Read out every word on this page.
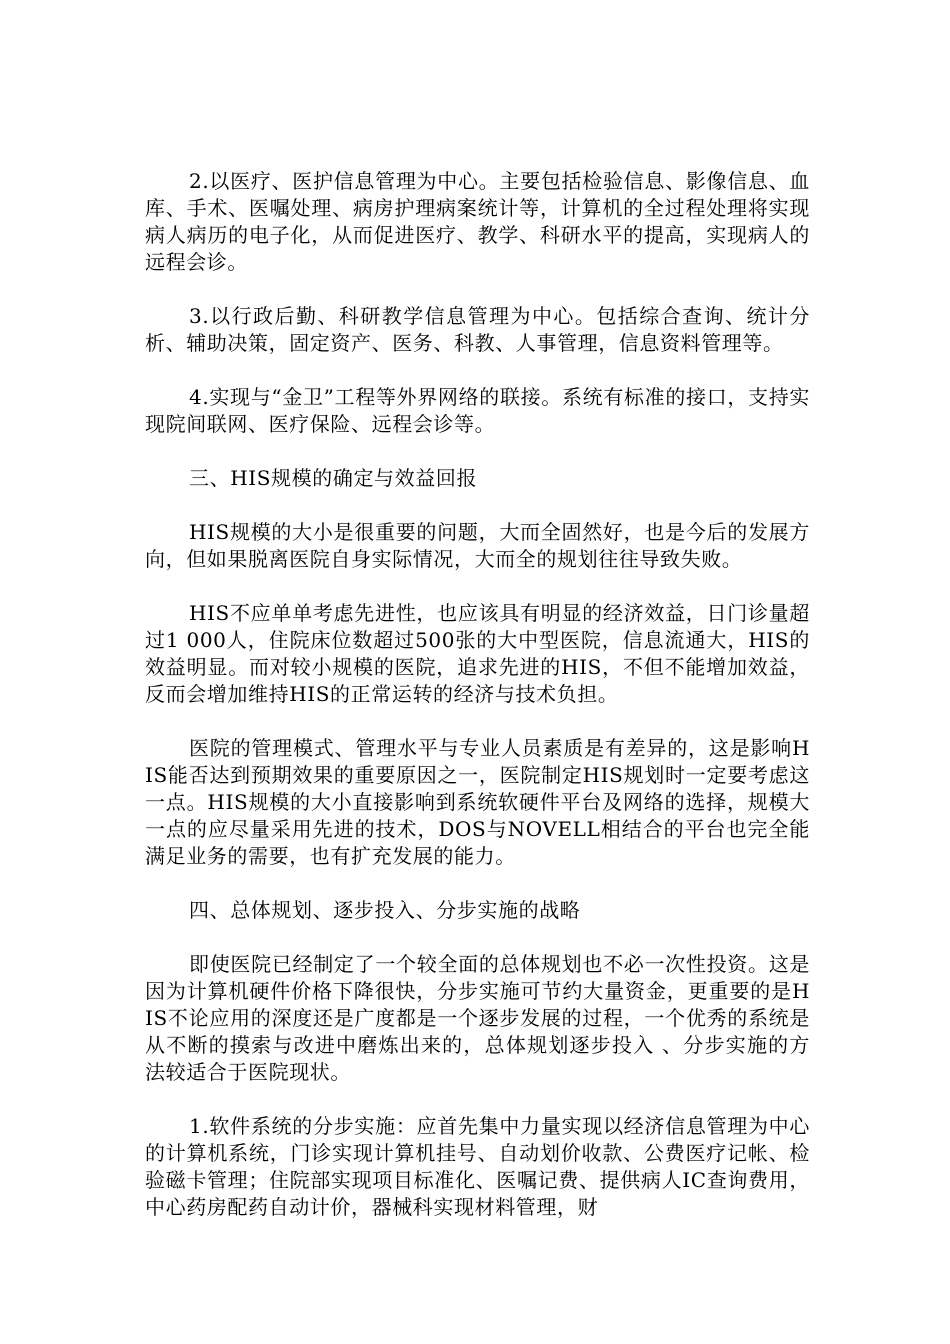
2.以医疗、医护信息管理为中心。主要包括检验信息、影像信息、血库、手术、医嘱处理、病房护理病案统计等，计算机的全过程处理将实现病人病历的电子化，从而促进医疗、教学、科研水平的提高，实现病人的远程会诊。

3.以行政后勤、科研教学信息管理为中心。包括综合查询、统计分析、辅助决策，固定资产、医务、科教、人事管理，信息资料管理等。

4.实现与“金卫”工程等外界网络的联接。系统有标准的接口，支持实现院间联网、医疗保险、远程会诊等。

三、HIS规模的确定与效益回报

HIS规模的大小是很重要的问题，大而全固然好，也是今后的发展方向，但如果脱离医院自身实际情况，大而全的规划往往导致失败。

HIS不应单单考虑先进性，也应该具有明显的经济效益，日门诊量超过1 000人，住院床位数超过500张的大中型医院，信息流通大，HIS的效益明显。而对较小规模的医院，追求先进的HIS，不但不能增加效益，反而会增加维持HIS的正常运转的经济与技术负担。

医院的管理模式、管理水平与专业人员素质是有差异的，这是影响HIS能否达到预期效果的重要原因之一，医院制定HIS规划时一定要考虑这一点。HIS规模的大小直接影响到系统软硬件平台及网络的选择，规模大一点的应尽量采用先进的技术，DOS与NOVELL相结合的平台也完全能满足业务的需要，也有扩充发展的能力。

四、总体规划、逐步投入、分步实施的战略

即使医院已经制定了一个较全面的总体规划也不必一次性投资。这是因为计算机硬件价格下降很快，分步实施可节约大量资金，更重要的是HIS不论应用的深度还是广度都是一个逐步发展的过程，一个优秀的系统是从不断的摸索与改进中磨炼出来的，总体规划逐步投入 、分步实施的方法较适合于医院现状。

1.软件系统的分步实施：应首先集中力量实现以经济信息管理为中心的计算机系统，门诊实现计算机挂号、自动划价收款、公费医疗记帐、检验磁卡管理；住院部实现项目标准化、医嘱记费、提供病人IC查询费用，中心药房配药自动计价，器械科实现材料管理，财
